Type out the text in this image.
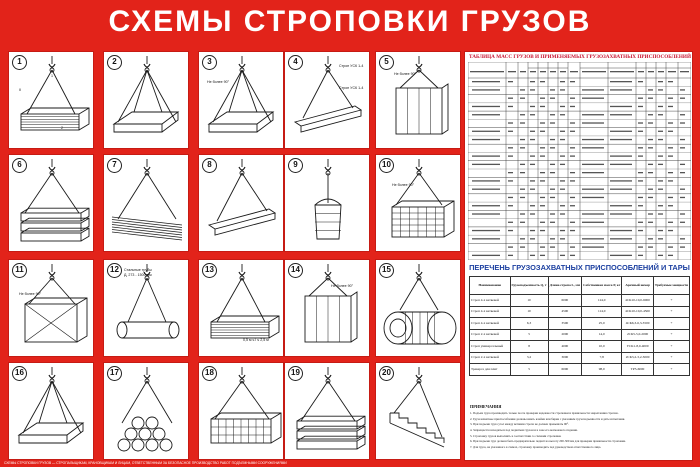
СХЕМЫ СТРОПОВКИ ГРУЗОВ
1
1
II
2
2	3
Не более 90°
4	Строп УСК 1-4
Строп УСК 1-4
5
Не более 90°
6	7	8	9	10
Не более 90°
11
Не более 90°
12	Стальные трубы
Д, 273 - 1500 мм
13
0,5 м ≤ l ≤ 2,5 м
14
Не более 90°
15
16	17	18	19	20
ТАБЛИЦА МАСС ГРУЗОВ И ПРИМЕНЯЕМЫХ ГРУЗОЗАХВАТНЫХ ПРИСПОСОБЛЕНИЙ
ПЕРЕЧЕНЬ ГРУЗОЗАХВАТНЫХ ПРИСПОСОБЛЕНИЙ И ТАРЫ
Наименование	Грузоподъемность Q, т	Длина стропа L, мм	Собственная масса P, кг	Арочный номер	Требуемые мощности
Строп 4-х ветвевой	10	6000	124,0	4СК10-10,0-6000	+
Строп 4-х ветвевой	10	4500	114,0	4СК10-10,0-4500	+
Строп 4-х ветвевой	6,3	3500	25,0	4СК6,3-6,3-3500	+
Строп 2-х ветвевой	5	2000	14,0	2СК5-5,0-2000	+
Строп универсальный	8	4000	10,0	УСК1-8,0-4000	+
Строп 2-х ветвевой	3,2	3000	7,8	2СК3,2-3,2-3000	+
Траверса для плит	5	6000	98,0	ТР5-6000	+
ПРИМЕЧАНИЯ

1. Подъем груза производить только после проверки надежности строповки и правильности закрепления стропов.

2. Грузозахватные приспособления должны иметь клейма или бирки с указанием грузоподъемности и даты испытания.

3. При подъеме груза угол между ветвями стропа не должен превышать 90°.

4. Запрещается находиться под поднятым грузом и в зоне его возможного падения.

5. Строповку грузов выполнять в соответствии со схемами строповки.

6. При подъеме груз должен быть предварительно поднят на высоту 200-300 мм для проверки правильности строповки.

7. Для груза, не указанного в схемах, строповку производить под руководством ответственного лица.

СХЕМЫ СТРОПОВКИ ГРУЗОВ — СТРОПАЛЬЩИКАМ, КРАНОВЩИКАМ И ЛИЦАМ, ОТВЕТСТВЕННЫМ ЗА БЕЗОПАСНОЕ ПРОИЗВОДСТВО РАБОТ ПОДЪЕМНЫМИ СООРУЖЕНИЯМИ
